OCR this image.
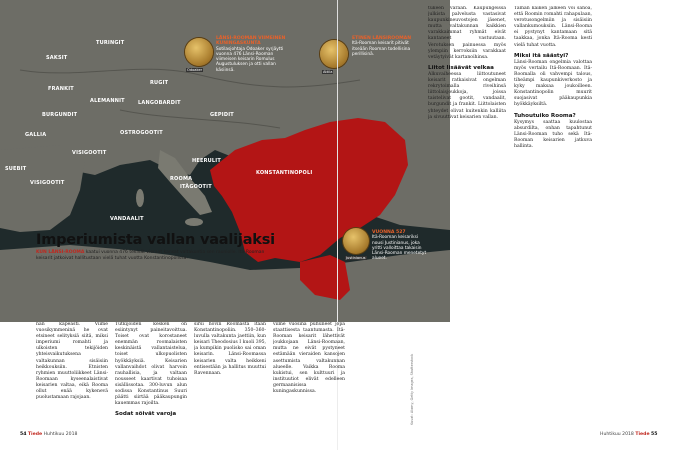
SAKSIT
TURINGIT
FRANKIT
ALEMANNIT
RUGIT
LANGOBARDIT
BURGUNDIT
OSTROGOOTIT
GEPIDIT
GALLIA
VISIGOOTIT
SUEBIT
VISIGOOTIT
HEERULIT
ITÄGOOTIT
ROOMA
VANDAALIT
KONSTANTINOPOLI
Odoaker
LÄNSI-ROOMAN VIIMEINEN KUNINGASKUNTA
Sotilasjohtaja Odoaker syrjäytti vuonna 476 Länsi-Rooman viimeisen keisarin Romulus Augustuluksen ja otti vallan käsiinsä.	Attila
ETINEN LÄNSIROOMAN
Itä-Rooman keisarit pitivät itseään Rooman todellisina perillisinä.
Justinianus
VUONNA 527
Itä-Rooman keisariksi nousi Justinianus, joka yritti valloittaa takaisin Länsi-Rooman menetetyt alueet.
Imperiumista vallan vaalijaksi
KUN LÄNSI-ROOMA kaatui vuonna 476 tekivät vieraat kansat valtakuntia sen rauniolle. Itä-Rooman keisarit jatkoivat hallitustaan vielä tuhat vuotta Konstantinopolissa.

nän kapeasti. Viime vuosikymmeninä he ovat etsineet selityksiä siitä, miksi imperiumi romahti ja ulkoisten tekijöiden yhteisvaikutuksena valtakunnan sisäisiin heikkouksiin. Etnisten ryhmien muuttoliikkeet Länsi-Roomaan kyseenalaistivat keisarien valtaa, eikä Rooma ollut enää kykenevä puolustamaan rajojaan.

Tutkijoiden kesken on esiintynyt paineitavoittua. Toiset ovat korostaneet enemmän roomalaisten keskinäistä vallantaistelua, toiset ulkopuolisten hyökkäyksiä. Keisarien vallanvaihdot olivat harvoin rauhallisia, ja valtaan nousseet kaartivat tuhoisaa sisällissotaa. 300-luvun alun sodissa Konstantinus Suuri päätti siirtää pääkaupungin kauemmas rajoilta.

Sodat söivät varoja

sirsi hovin Roomasta itään Konstantinopoliin. 350–360-luvulla valtakunta jaettiin, kun keisari Theodosius I kuoli 395, ja kumpikin puolisko sai oman keisarin. Länsi-Roomassa keisarien valta heikkeni entisestään ja hallitus muuttui Ravennaan.

viime vuosina puhuneet jopa staattisesta taantumasta. Itä-Rooman keisarit lähettivät joukkojaan Länsi-Roomaan, mutta ne eivät pystyneet estämään vieraiden kansojen asettumista valtakunnan alueelle. Vaikka Rooma kukistui, sen kulttuuri ja instituutiot elivät edelleen germaanisissa kuningaskunnissa.	Kuvat: Alamy, Getty Images, Shutterstock

tukeen varaan. Kaupungeissa julkista palvelusta vastasivat kaupunkineuvostojen jäsenet, mutta valtakunnan kaikkien varakkaimmat ryhmät eivät kantaneet vastuutaan. Verotuksen painuessa myös ylempiin kerroksiin varakkaat vetäytyivät kartanoihinsa.

Liitot lisäävät velkaa

Alkuvaiheessa liittoutuneet keisarit ratkaisivat ongelman rekrytoimalla riveihinsä liittolaisjoukkoja, joissa taistelivat gootit, vandaalit, burgundit ja frankit. Liittolaisten yhteydet olivat kuitenkin kalliita ja sivuuttivat keisarien vallan.

Tämän kaiken jälkeen voi sanoa, että Roomin romahti rahapulaan, verotusongelmiin ja sisäisiin vallankumouksiin. Länsi-Rooma ei pystynyt kantamaan sitä taakkaa, jonka Itä-Rooma kesti vielä tuhat vuotta.

Miksi itä säästyi?

Länsi-Rooman ongelmia valottaa myös vertailu Itä-Roomaan. Itä-Roomalla oli vahvempi talous, tiheämpi kaupunkiverkosto ja kyky maksaa joukoilleen. Konstantinopolin muurit suojasivat pääkaupunkia hyökkäyksiltä.

Tuhoutuiko Rooma?

Kysymys saattaa kuulostaa absurdilta, onhan tapahtunut Länsi-Rooman tuho sekä Itä-Rooman keisarien jatkuva hallinta.

54 Tiede Huhtikuu 2018	Huhtikuu 2018 Tiede 55
